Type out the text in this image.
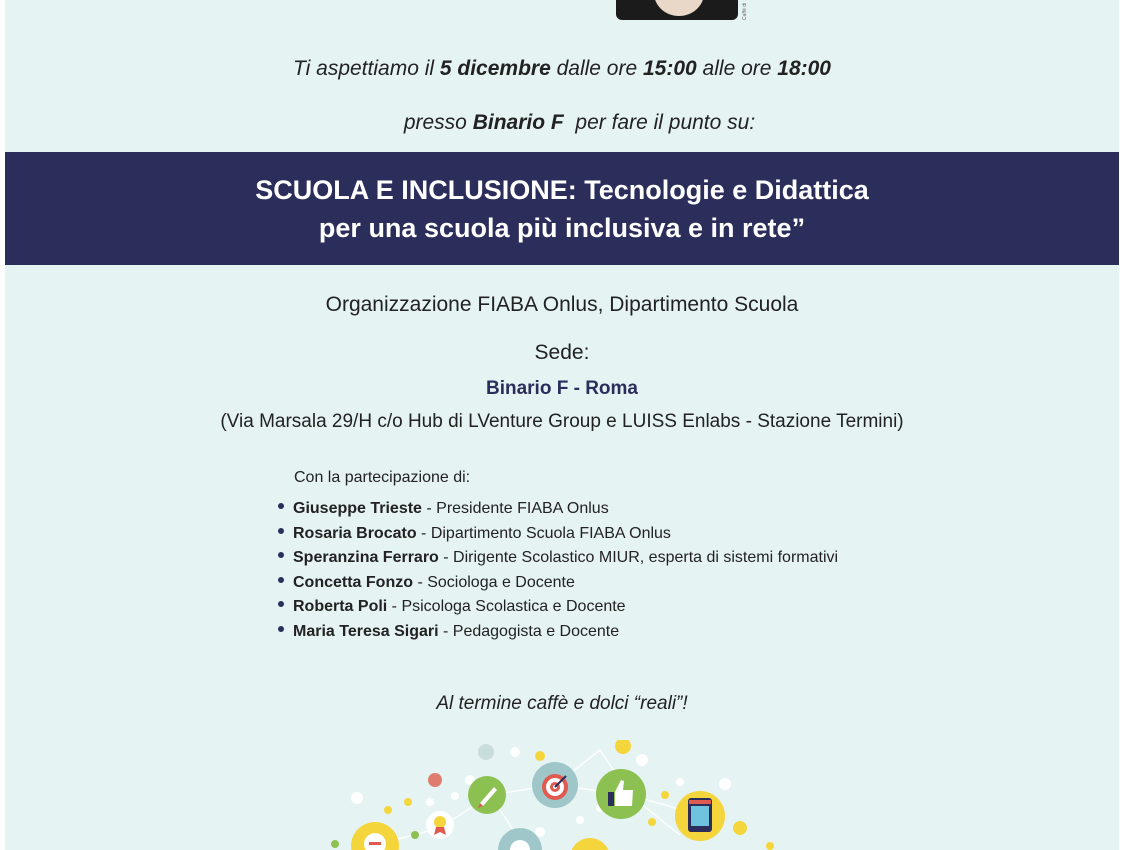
Caffè di
Ti aspettiamo il 5 dicembre dalle ore 15:00 alle ore 18:00

presso Binario F  per fare il punto su:

SCUOLA E INCLUSIONE: Tecnologie e Didattica
per una scuola più inclusiva e in rete”
Organizzazione FIABA Onlus, Dipartimento Scuola
Sede:
Binario F - Roma
(Via Marsala 29/H c/o Hub di LVenture Group e LUISS Enlabs - Stazione Termini)
Con la partecipazione di:
Giuseppe Trieste - Presidente FIABA Onlus
Rosaria Brocato - Dipartimento Scuola FIABA Onlus
Speranzina Ferraro - Dirigente Scolastico MIUR, esperta di sistemi formativi
Concetta Fonzo - Sociologa e Docente
Roberta Poli - Psicologa Scolastica e Docente
Maria Teresa Sigari - Pedagogista e Docente
Al termine caffè e dolci “reali”!
